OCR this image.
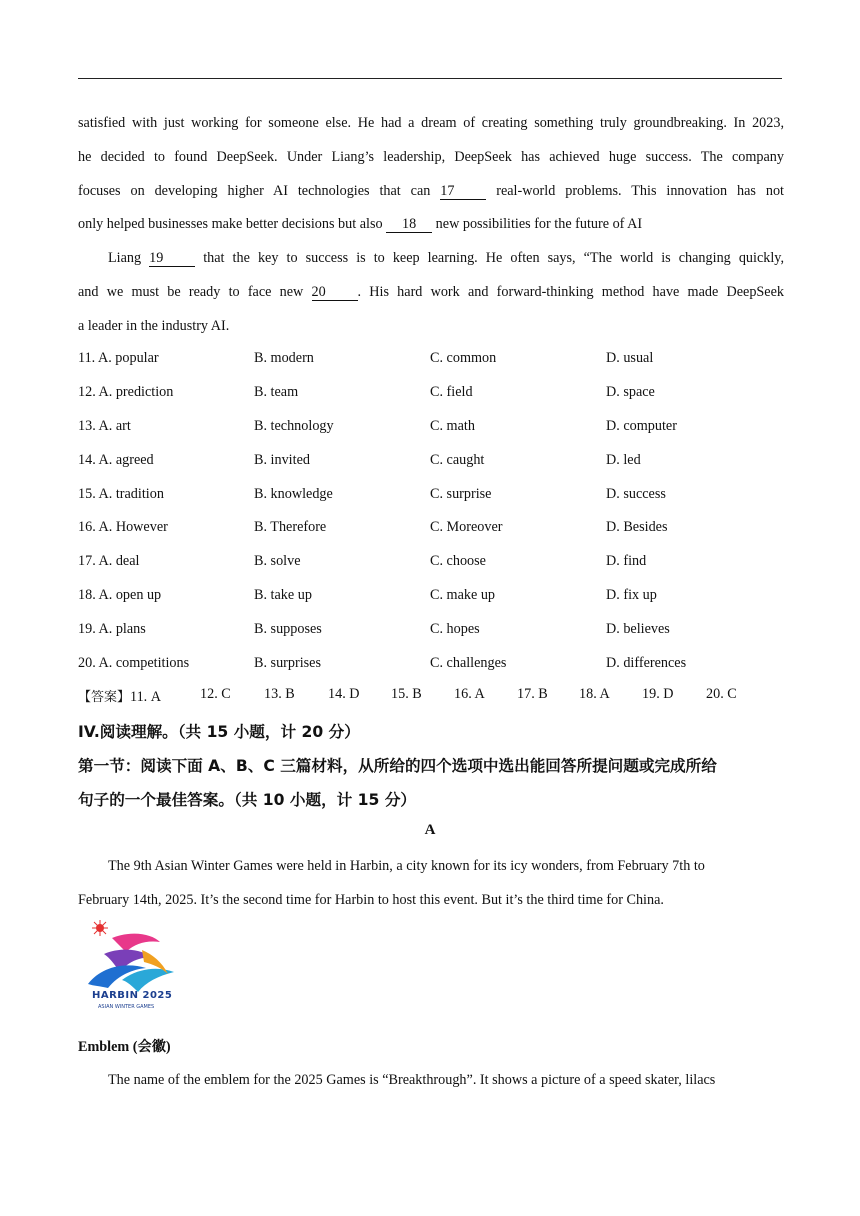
satisfied with just working for someone else. He had a dream of creating something truly groundbreaking. In 2023,
he decided to found DeepSeek. Under Liang’s leadership, DeepSeek has achieved huge success. The company
focuses on developing higher AI technologies that can 17 real-world problems. This innovation has not
only helped businesses make better decisions but also 18 new possibilities for the future of AI
Liang 19 that the key to success is to keep learning. He often says, “The world is changing quickly,
and we must be ready to face new 20 . His hard work and forward-thinking method have made DeepSeek
a leader in the industry AI.
11. A. popular	B. modern	C. common	D. usual
12. A. prediction	B. team	C. field	D. space
13. A. art	B. technology	C. math	D. computer
14. A. agreed	B. invited	C. caught	D. led
15. A. tradition	B. knowledge	C. surprise	D. success
16. A. However	B. Therefore	C. Moreover	D. Besides
17. A. deal	B. solve	C. choose	D. find
18. A. open up	B. take up	C. make up	D. fix up
19. A. plans	B. supposes	C. hopes	D. believes
20. A. competitions	B. surprises	C. challenges	D. differences
【答案】11. A	12. C 13. B 14. D 15. B 16. A 17. B 18. A 19. D 20. C
IV.阅读理解。（共 15 小题，计 20 分）
第一节：阅读下面 A、B、C 三篇材料，从所给的四个选项中选出能回答所提问题或完成所给
句子的一个最佳答案。（共 10 小题，计 15 分）
A
The 9th Asian Winter Games were held in Harbin, a city known for its icy wonders, from February 7th to
February 14th, 2025. It’s the second time for Harbin to host this event. But it’s the third time for China.
HARBIN 2025
ASIAN WINTER GAMES
Emblem (会徽)
The name of the emblem for the 2025 Games is “Breakthrough”. It shows a picture of a speed skater, lilacs
